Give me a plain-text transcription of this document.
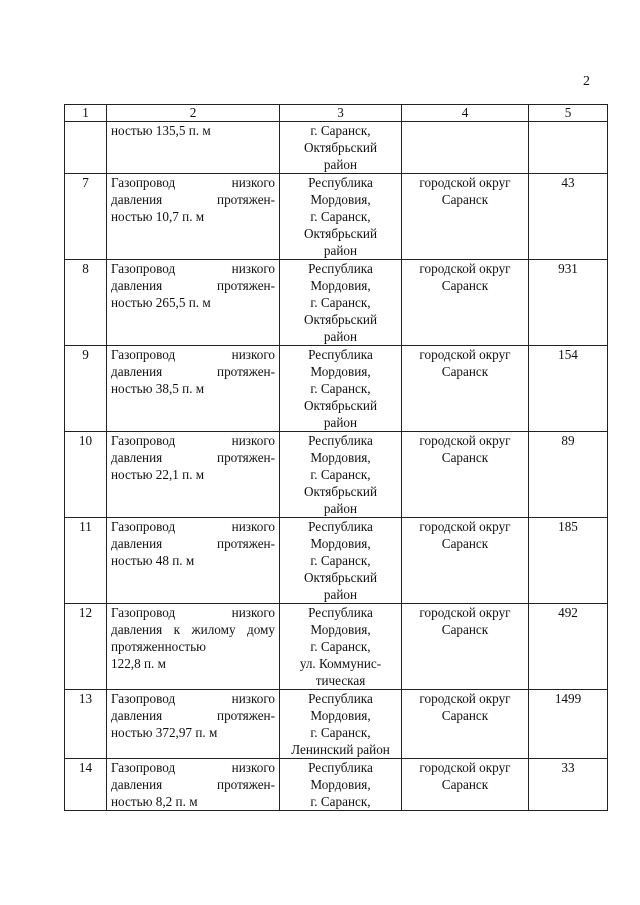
2
1	2	3	4	5

	ностью 135,5 п. м	г. Саранск,
Октябрьский
район		

7	Газопровод низкого
давления протяжен-
ностью 10,7 п. м	Республика
Мордовия,
г. Саранск,
Октябрьский
район	городской округ
Саранск	43
8	Газопровод низкого
давления протяжен-
ностью 265,5 п. м	Республика
Мордовия,
г. Саранск,
Октябрьский
район	городской округ
Саранск	931
9	Газопровод низкого
давления протяжен-
ностью 38,5 п. м	Республика
Мордовия,
г. Саранск,
Октябрьский
район	городской округ
Саранск	154
10	Газопровод низкого
давления протяжен-
ностью 22,1 п. м	Республика
Мордовия,
г. Саранск,
Октябрьский
район	городской округ
Саранск	89
11	Газопровод низкого
давления протяжен-
ностью 48 п. м	Республика
Мордовия,
г. Саранск,
Октябрьский
район	городской округ
Саранск	185
12	Газопровод низкого
давления к жилому дому
протяженностью
122,8 п. м	Республика
Мордовия,
г. Саранск,
ул. Коммунис-
тическая	городской округ
Саранск	492
13	Газопровод низкого
давления протяжен-
ностью 372,97 п. м	Республика
Мордовия,
г. Саранск,
Ленинский район	городской округ
Саранск	1499
14	Газопровод низкого
давления протяжен-
ностью 8,2 п. м	Республика
Мордовия,
г. Саранск,	городской округ
Саранск	33
